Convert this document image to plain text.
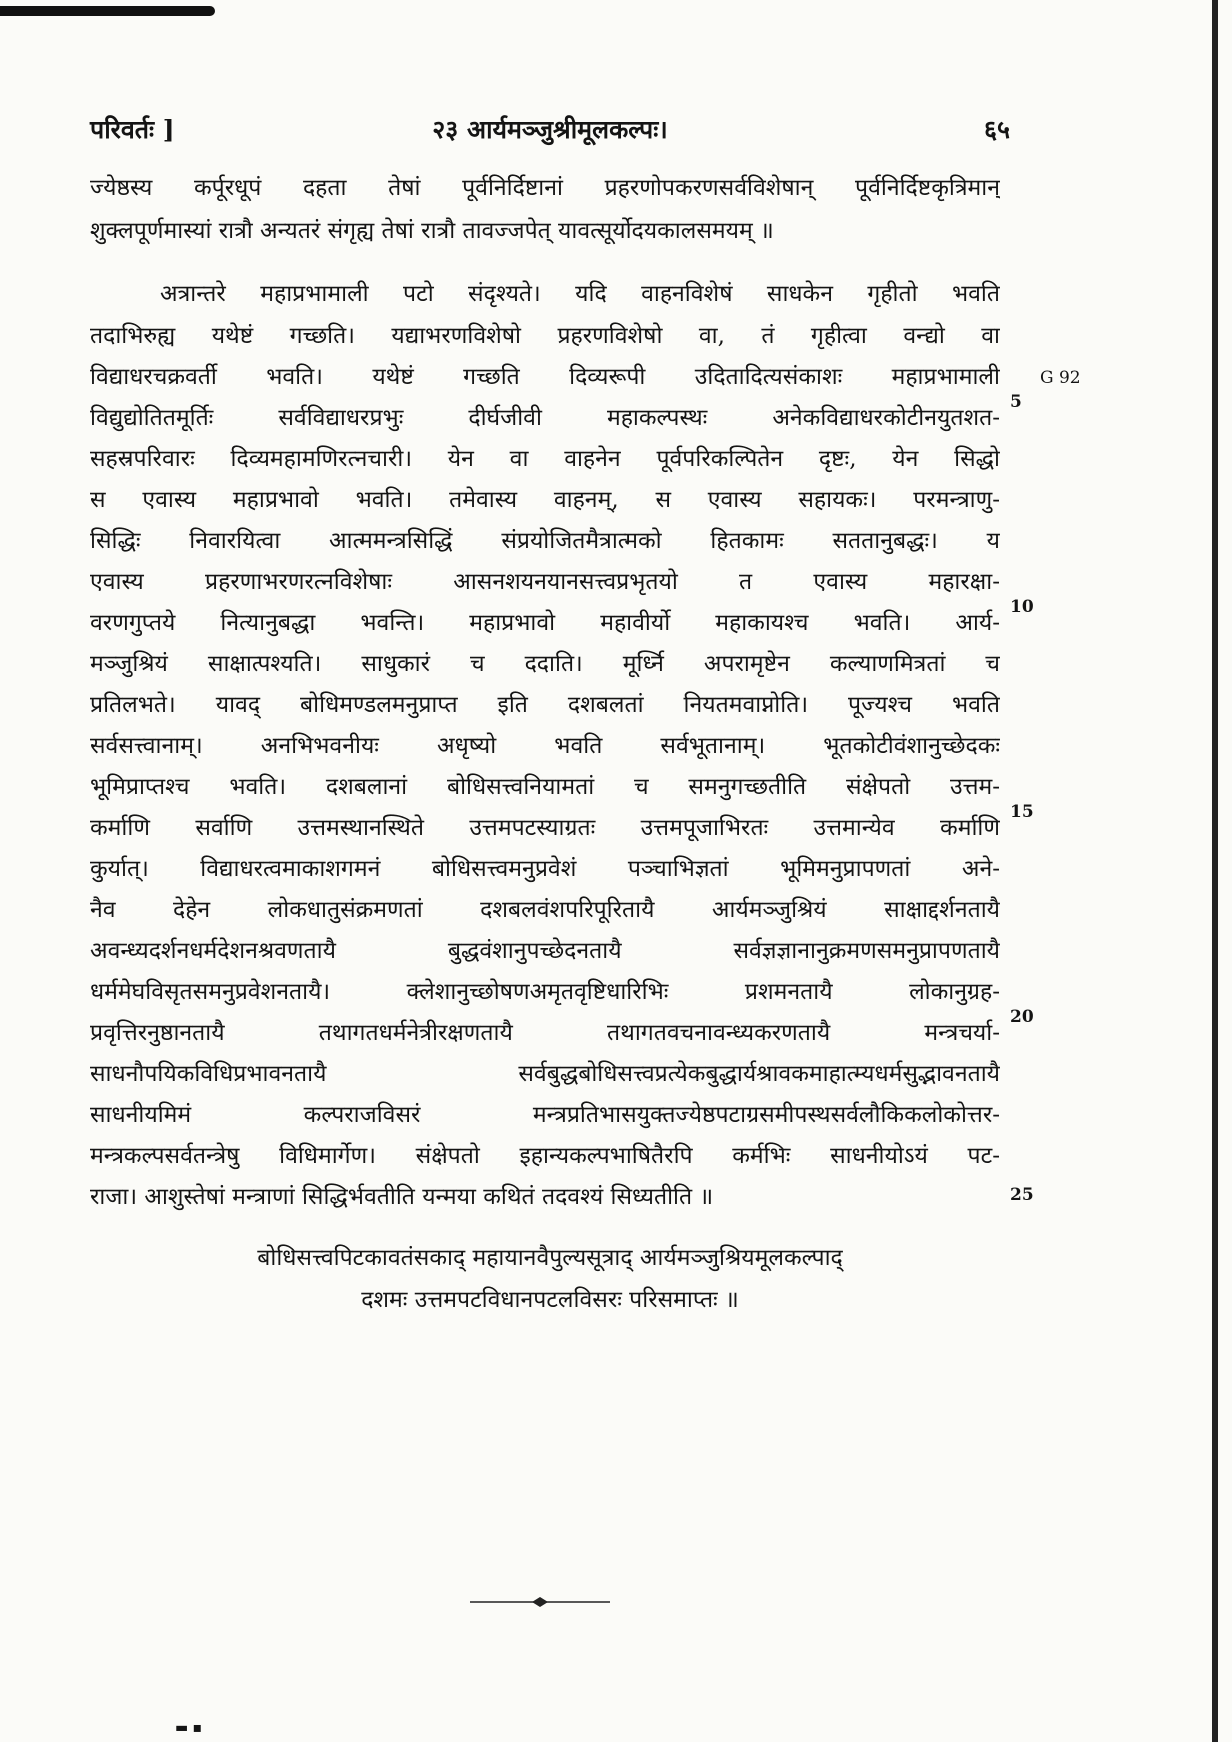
परिवर्तः ]	२३ आर्यमञ्जुश्रीमूलकल्पः।	६५
ज्येष्ठस्य कर्पूरधूपं दहता तेषां पूर्वनिर्दिष्टानां प्रहरणोपकरणसर्वविशेषान् पूर्वनिर्दिष्टकृत्रिमान्
शुक्लपूर्णमास्यां रात्रौ अन्यतरं संगृह्य तेषां रात्रौ तावज्जपेत् यावत्सूर्योदयकालसमयम् ॥
अत्रान्तरे महाप्रभामाली पटो संदृश्यते। यदि वाहनविशेषं साधकेन गृहीतो भवति
तदाभिरुह्य यथेष्टं गच्छति। यद्याभरणविशेषो प्रहरणविशेषो वा, तं गृहीत्वा वन्द्यो वा
विद्याधरचक्रवर्ती भवति। यथेष्टं गच्छति दिव्यरूपी उदितादित्यसंकाशः महाप्रभामाली
विद्युद्योतितमूर्तिः सर्वविद्याधरप्रभुः दीर्घजीवी महाकल्पस्थः अनेकविद्याधरकोटीनयुतशत-
सहस्रपरिवारः दिव्यमहामणिरत्नचारी। येन वा वाहनेन पूर्वपरिकल्पितेन दृष्टः, येन सिद्धो
स एवास्य महाप्रभावो भवति। तमेवास्य वाहनम्, स एवास्य सहायकः। परमन्त्राणु-
सिद्धिः निवारयित्वा आत्ममन्त्रसिद्धिं संप्रयोजितमैत्रात्मको हितकामः सततानुबद्धः। य
एवास्य प्रहरणाभरणरत्नविशेषाः आसनशयनयानसत्त्वप्रभृतयो त एवास्य महारक्षा-
वरणगुप्तये नित्यानुबद्धा भवन्ति। महाप्रभावो महावीर्यो महाकायश्च भवति। आर्य-
मञ्जुश्रियं साक्षात्पश्यति। साधुकारं च ददाति। मूर्ध्नि अपरामृष्टेन कल्याणमित्रतां च
प्रतिलभते। यावद् बोधिमण्डलमनुप्राप्त इति दशबलतां नियतमवाप्नोति। पूज्यश्च भवति
सर्वसत्त्वानाम्। अनभिभवनीयः अधृष्यो भवति सर्वभूतानाम्। भूतकोटीवंशानुच्छेदकः
भूमिप्राप्तश्च भवति। दशबलानां बोधिसत्त्वनियामतां च समनुगच्छतीति संक्षेपतो उत्तम-
कर्माणि सर्वाणि उत्तमस्थानस्थिते उत्तमपटस्याग्रतः उत्तमपूजाभिरतः उत्तमान्येव कर्माणि
कुर्यात्। विद्याधरत्वमाकाशगमनं बोधिसत्त्वमनुप्रवेशं पञ्चाभिज्ञतां भूमिमनुप्रापणतां अने-
नैव देहेन लोकधातुसंक्रमणतां दशबलवंशपरिपूरितायै आर्यमञ्जुश्रियं साक्षाद्दर्शनतायै
अवन्ध्यदर्शनधर्मदेशनश्रवणतायै बुद्धवंशानुपच्छेदनतायै सर्वज्ञज्ञानानुक्रमणसमनुप्रापणतायै
धर्ममेघविसृतसमनुप्रवेशनतायै। क्लेशानुच्छोषणअमृतवृष्टिधारिभिः प्रशमनतायै लोकानुग्रह-
प्रवृत्तिरनुष्ठानतायै तथागतधर्मनेत्रीरक्षणतायै तथागतवचनावन्ध्यकरणतायै मन्त्रचर्या-
साधनौपयिकविधिप्रभावनतायै सर्वबुद्धबोधिसत्त्वप्रत्येकबुद्धार्यश्रावकमाहात्म्यधर्मसुद्भावनतायै
साधनीयमिमं कल्पराजविसरं मन्त्रप्रतिभासयुक्तज्येष्ठपटाग्रसमीपस्थसर्वलौकिकलोकोत्तर-
मन्त्रकल्पसर्वतन्त्रेषु विधिमार्गेण। संक्षेपतो इहान्यकल्पभाषितैरपि कर्मभिः साधनीयोऽयं पट-
राजा। आशुस्तेषां मन्त्राणां सिद्धिर्भवतीति यन्मया कथितं तदवश्यं सिध्यतीति ॥
G 92
5
10
15
20
25
बोधिसत्त्वपिटकावतंसकाद् महायानवैपुल्यसूत्राद् आर्यमञ्जुश्रियमूलकल्पाद्
दशमः उत्तमपटविधानपटलविसरः परिसमाप्तः ॥
▬ ▪
